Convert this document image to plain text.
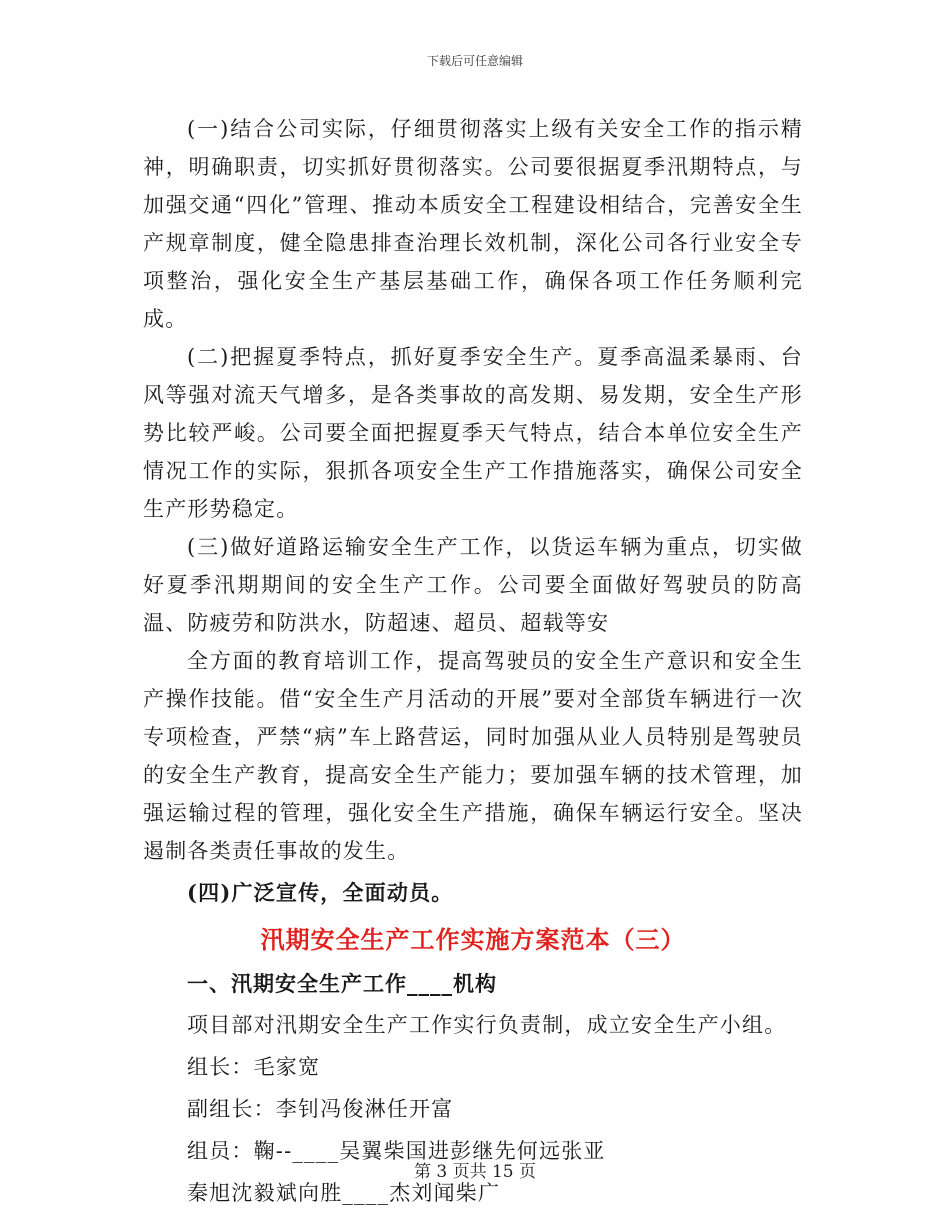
下载后可任意编辑

(一)结合公司实际，仔细贯彻落实上级有关安全工作的指示精神，明确职责，切实抓好贯彻落实。公司要很据夏季汛期特点，与加强交通“四化”管理、推动本质安全工程建设相结合，完善安全生产规章制度，健全隐患排查治理长效机制，深化公司各行业安全专项整治，强化安全生产基层基础工作，确保各项工作任务顺利完成。

(二)把握夏季特点，抓好夏季安全生产。夏季高温柔暴雨、台风等强对流天气增多，是各类事故的高发期、易发期，安全生产形势比较严峻。公司要全面把握夏季天气特点，结合本单位安全生产情况工作的实际，狠抓各项安全生产工作措施落实，确保公司安全生产形势稳定。

(三)做好道路运输安全生产工作，以货运车辆为重点，切实做好夏季汛期期间的安全生产工作。公司要全面做好驾驶员的防高温、防疲劳和防洪水，防超速、超员、超载等安

全方面的教育培训工作，提高驾驶员的安全生产意识和安全生产操作技能。借“安全生产月活动的开展”要对全部货车辆进行一次专项检查，严禁“病”车上路营运，同时加强从业人员特别是驾驶员的安全生产教育，提高安全生产能力；要加强车辆的技术管理，加强运输过程的管理，强化安全生产措施，确保车辆运行安全。坚决遏制各类责任事故的发生。

(四)广泛宣传，全面动员。

汛期安全生产工作实施方案范本（三）

一、汛期安全生产工作____机构

项目部对汛期安全生产工作实行负责制，成立安全生产小组。

组长：毛家宽

副组长：李钊冯俊淋任开富

组员：鞠--____吴翼柴国进彭继先何远张亚

秦旭沈毅斌向胜____杰刘闻柴广

第 3 页共 15 页
